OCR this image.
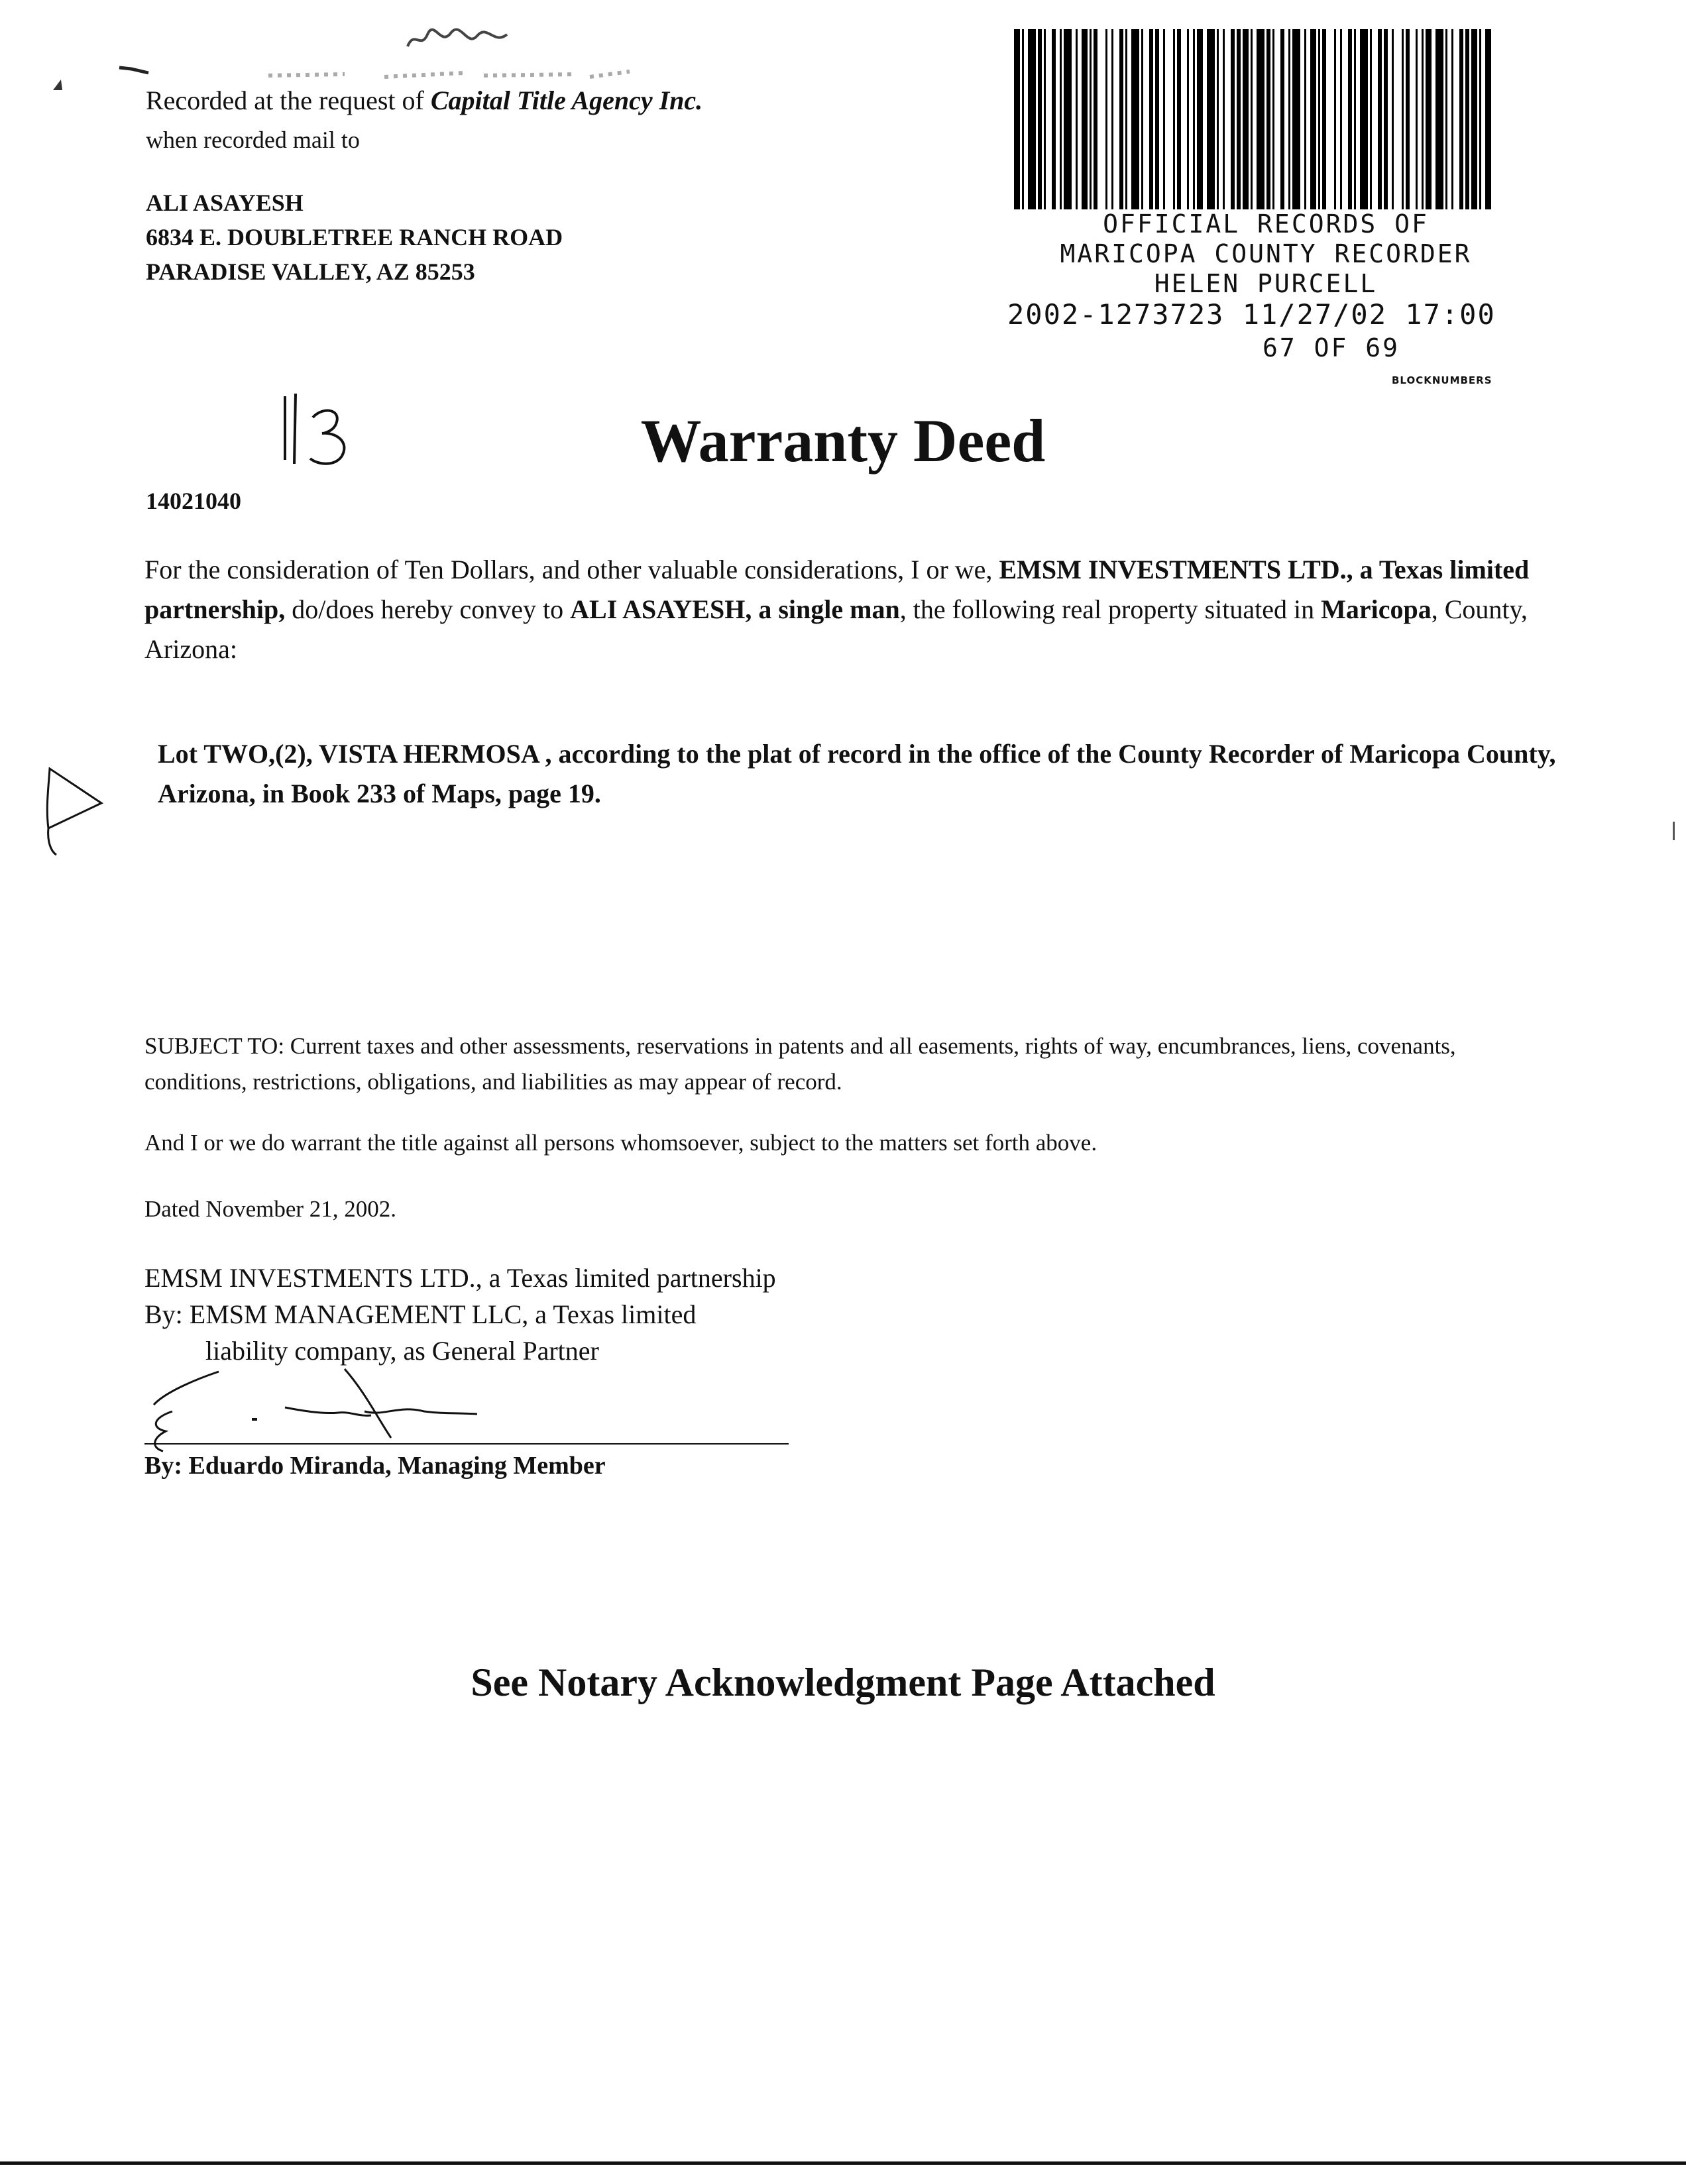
Recorded at the request of Capital Title Agency Inc.
when recorded mail to
ALI ASAYESH
6834 E. DOUBLETREE RANCH ROAD
PARADISE VALLEY, AZ 85253
OFFICIAL RECORDS OF
MARICOPA COUNTY RECORDER
HELEN PURCELL
2002-1273723 11/27/02 17:00
67 OF 69
BLOCKNUMBERS
Warranty Deed
14021040
For the consideration of Ten Dollars, and other valuable considerations, I or we, EMSM INVESTMENTS LTD., a Texas limited partnership, do/does hereby convey to ALI ASAYESH, a single man, the following real property situated in Maricopa, County, Arizona:
Lot TWO,(2), VISTA HERMOSA , according to the plat of record in the office of the County Recorder of Maricopa County, Arizona, in Book 233 of Maps, page 19.
SUBJECT TO: Current taxes and other assessments, reservations in patents and all easements, rights of way, encumbrances, liens, covenants, conditions, restrictions, obligations, and liabilities as may appear of record.
And I or we do warrant the title against all persons whomsoever, subject to the matters set forth above.
Dated November 21, 2002.
EMSM INVESTMENTS LTD., a Texas limited partnership
By: EMSM MANAGEMENT LLC, a Texas limited
liability company, as General Partner
By: Eduardo Miranda, Managing Member
See Notary Acknowledgment Page Attached
